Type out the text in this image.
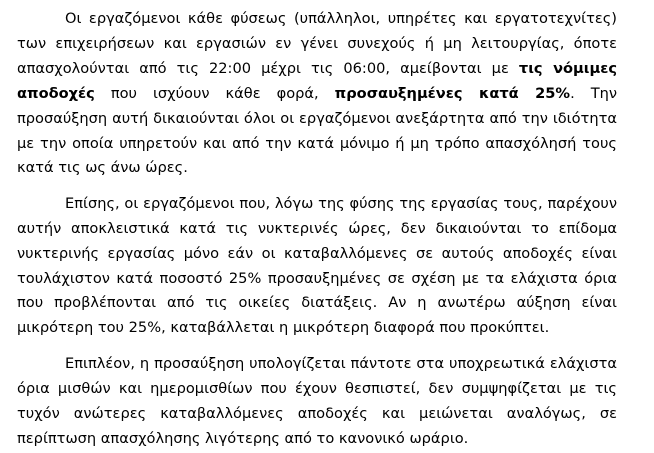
Οι εργαζόμενοι κάθε φύσεως (υπάλληλοι, υπηρέτες και εργατοτεχνίτες) των επιχειρήσεων και εργασιών εν γένει συνεχούς ή μη λειτουργίας, όποτε απασχολούνται από τις 22:00 μέχρι τις 06:00, αμείβονται με τις νόμιμες αποδοχές που ισχύουν κάθε φορά, προσαυξημένες κατά 25%. Την προσαύξηση αυτή δικαιούνται όλοι οι εργαζόμενοι ανεξάρτητα από την ιδιότητα με την οποία υπηρετούν και από την κατά μόνιμο ή μη τρόπο απασχόλησή τους κατά τις ως άνω ώρες.

Επίσης, οι εργαζόμενοι που, λόγω της φύσης της εργασίας τους, παρέχουν αυτήν αποκλειστικά κατά τις νυκτερινές ώρες, δεν δικαιούνται το επίδομα νυκτερινής εργασίας μόνο εάν οι καταβαλλόμενες σε αυτούς αποδοχές είναι τουλάχιστον κατά ποσοστό 25% προσαυξημένες σε σχέση με τα ελάχιστα όρια που προβλέπονται από τις οικείες διατάξεις. Αν η ανωτέρω αύξηση είναι μικρότερη του 25%, καταβάλλεται η μικρότερη διαφορά που προκύπτει.

Επιπλέον, η προσαύξηση υπολογίζεται πάντοτε στα υποχρεωτικά ελάχιστα όρια μισθών και ημερομισθίων που έχουν θεσπιστεί, δεν συμψηφίζεται με τις τυχόν ανώτερες καταβαλλόμενες αποδοχές και μειώνεται αναλόγως, σε περίπτωση απασχόλησης λιγότερης από το κανονικό ωράριο.
